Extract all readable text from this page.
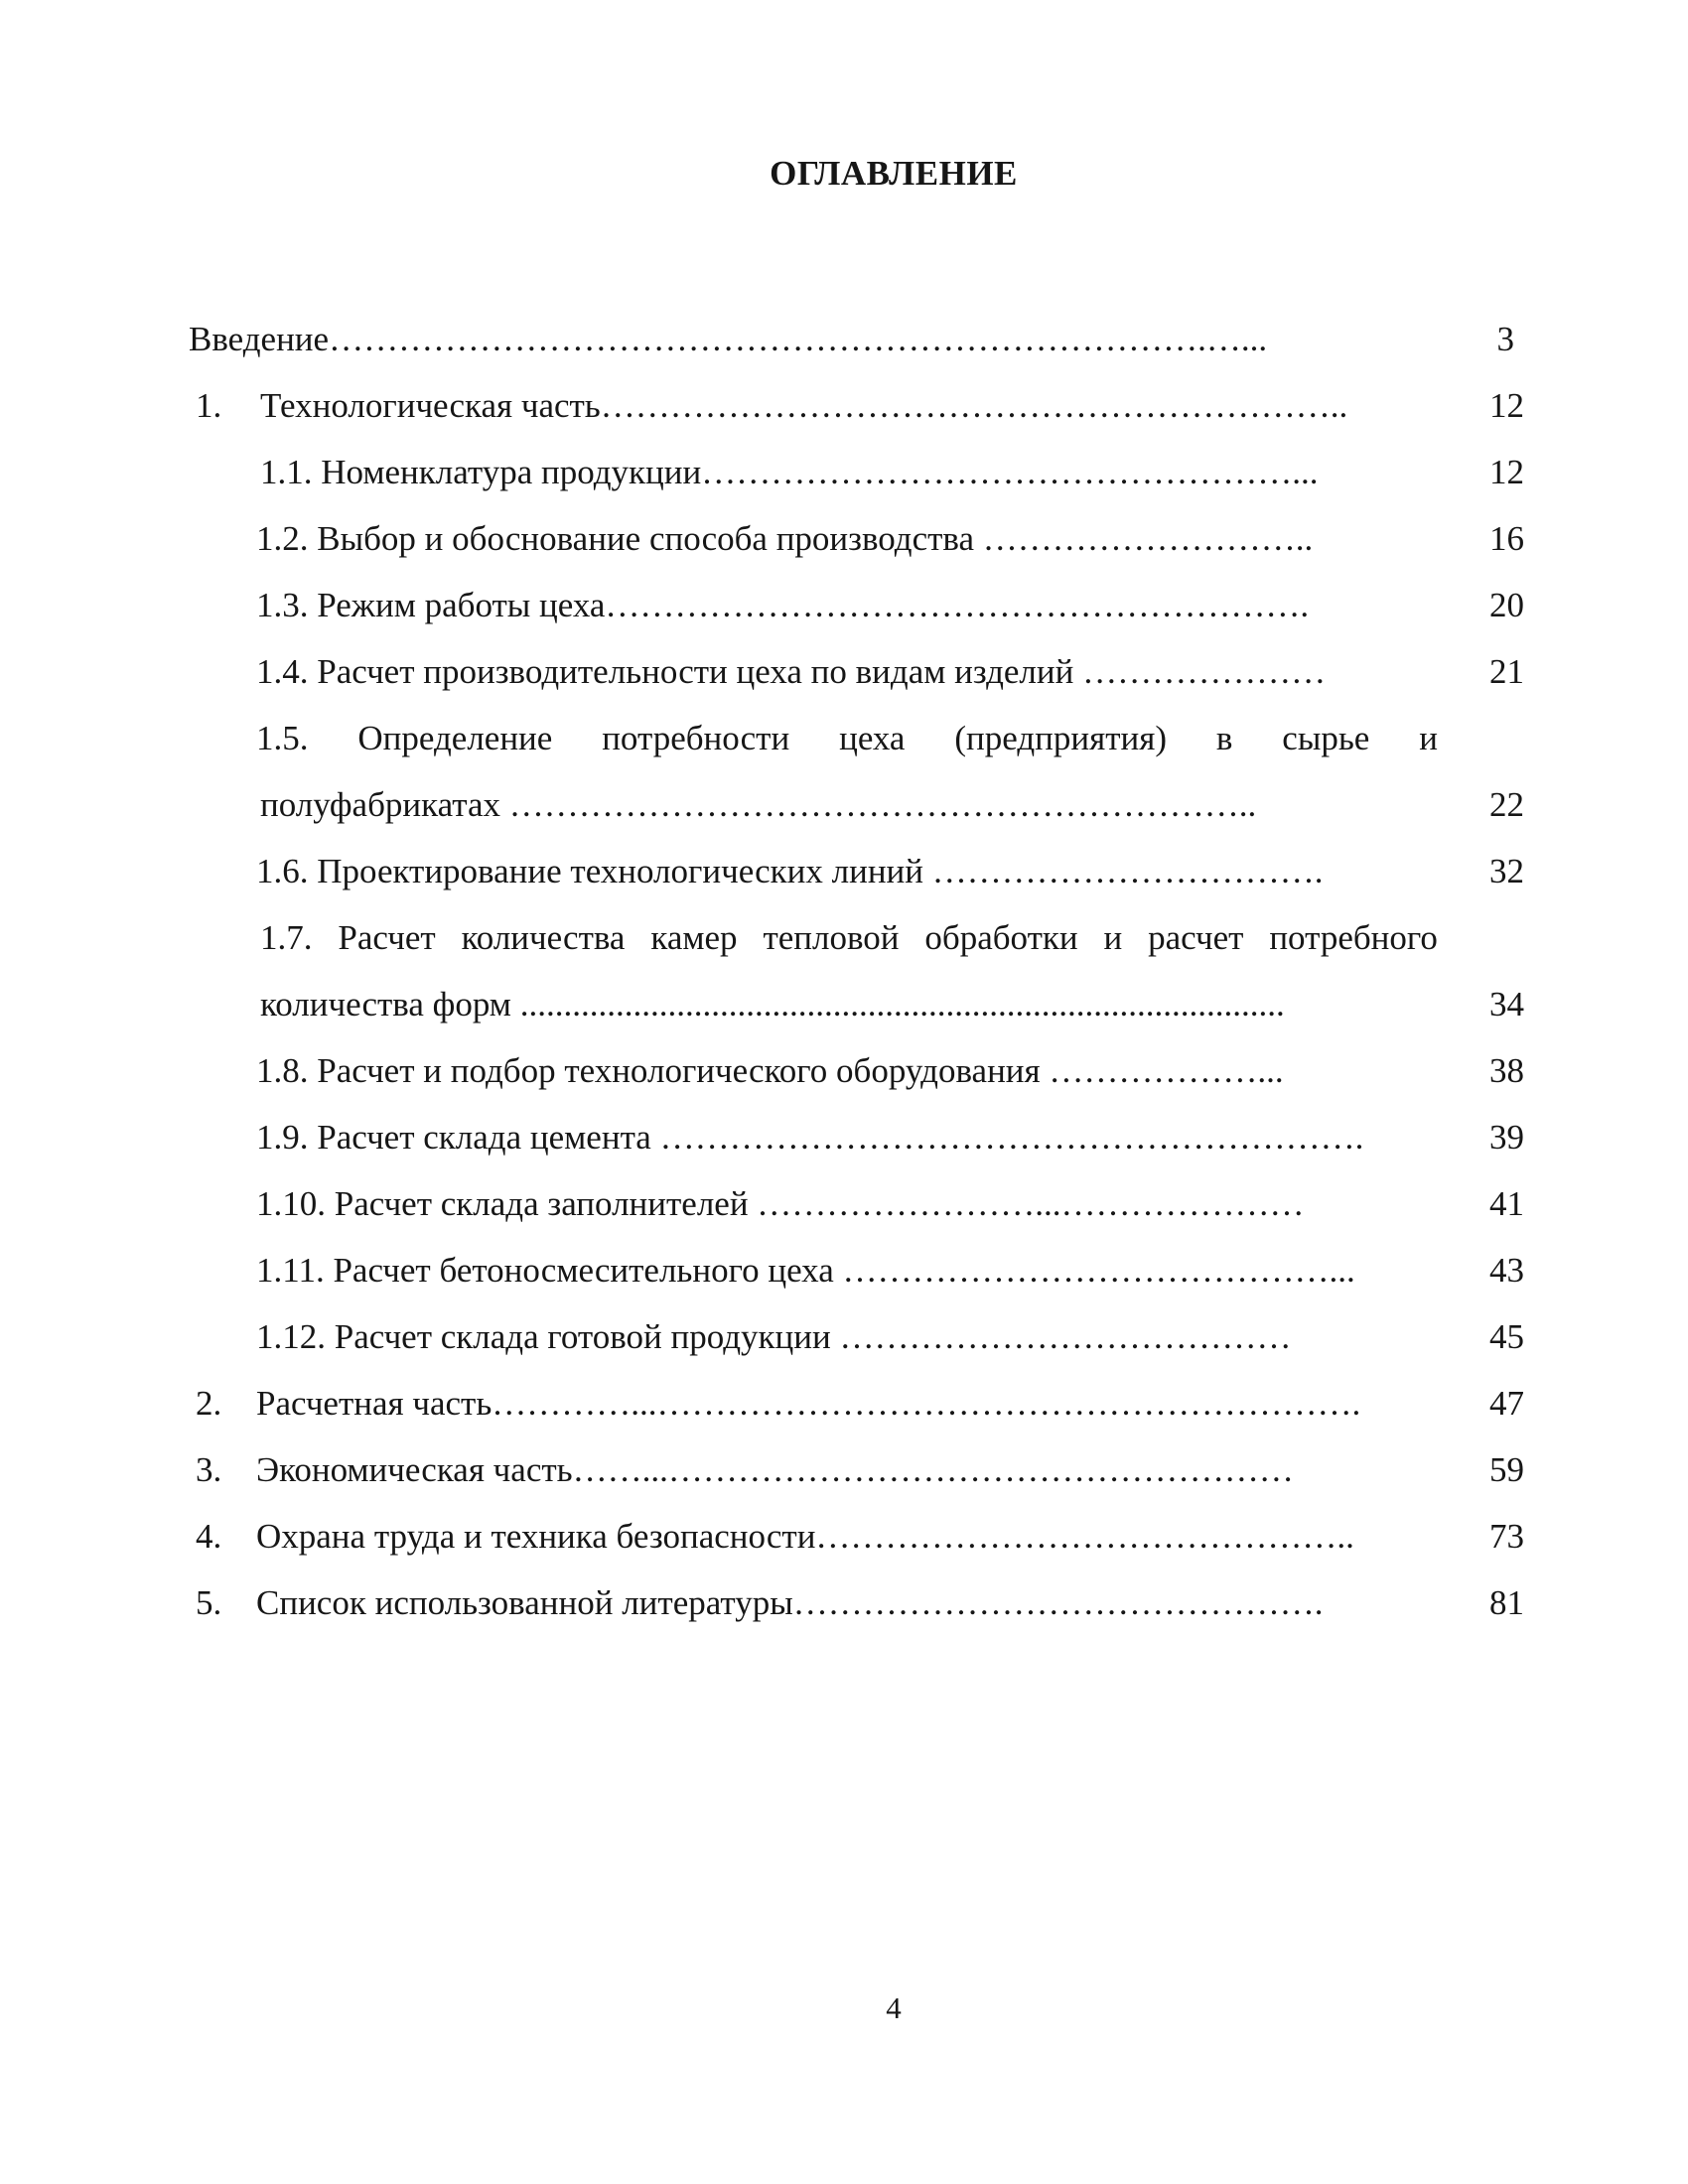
ОГЛАВЛЕНИЕ
Введение………………………………………………………………….…...	3
1. Технологическая часть………………………………………………………..	12
1.1. Номенклатура продукции……………………………………………...	12
1.2. Выбор и обоснование способа производства ………………………..	16
1.3. Режим работы цеха…………………………………………………….	20
1.4. Расчет производительности цеха по видам изделий …………………	21
1.5. Определение потребности цеха (предприятия) в сырье и
полуфабрикатах ………………………………………………………..	22
1.6. Проектирование технологических линий …………………………….	32
1.7. Расчет количества камер тепловой обработки и расчет потребного
количества форм ........................................................................................	34
1.8. Расчет и подбор технологического оборудования ………………...	38
1.9. Расчет склада цемента …………………………………………………….	39
1.10. Расчет склада заполнителей ……………………...…………………	41
1.11. Расчет бетоносмесительного цеха ……………………………………...	43
1.12. Расчет склада готовой продукции …………………………………	45
2. Расчетная часть…………...…………………………………………………….	47
3. Экономическая часть……...………………………………………………	59
4. Охрана труда и техника безопасности………………………………………..	73
5. Список использованной литературы……………………………………….	81
4
